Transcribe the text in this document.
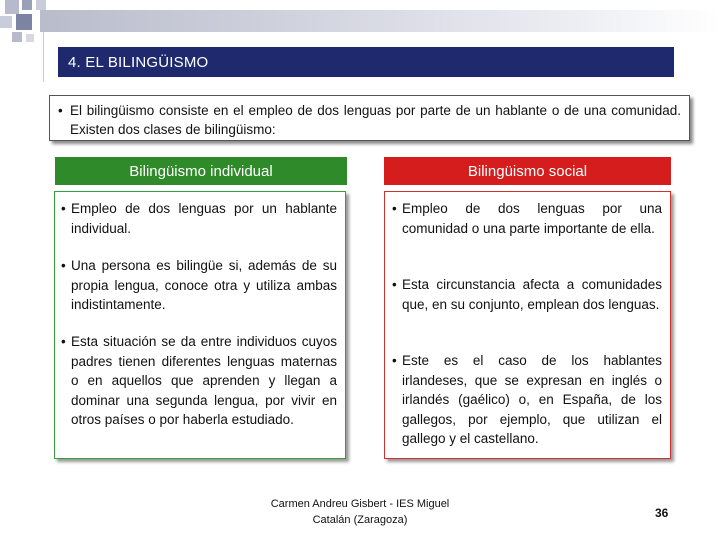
4. EL BILINGÜISMO
• El bilingüismo consiste en el empleo de dos lenguas por parte de un hablante o de una comunidad. Existen dos clases de bilingüismo:
Bilingüismo individual
• Empleo de dos lenguas por un hablante individual.
• Una persona es bilingüe si, además de su propia lengua, conoce otra y utiliza ambas indistintamente.
• Esta situación se da entre individuos cuyos padres tienen diferentes lenguas maternas o en aquellos que aprenden y llegan a dominar una segunda lengua, por vivir en otros países o por haberla estudiado.
Bilingüismo social
• Empleo de dos lenguas por una comunidad o una parte importante de ella.
• Esta circunstancia afecta a comunidades que, en su conjunto, emplean dos lenguas.
• Este es el caso de los hablantes irlandeses, que se expresan en inglés o irlandés (gaélico) o, en España, de los gallegos, por ejemplo, que utilizan el gallego y el castellano.
Carmen Andreu Gisbert - IES Miguel
Catalán (Zaragoza)	36
